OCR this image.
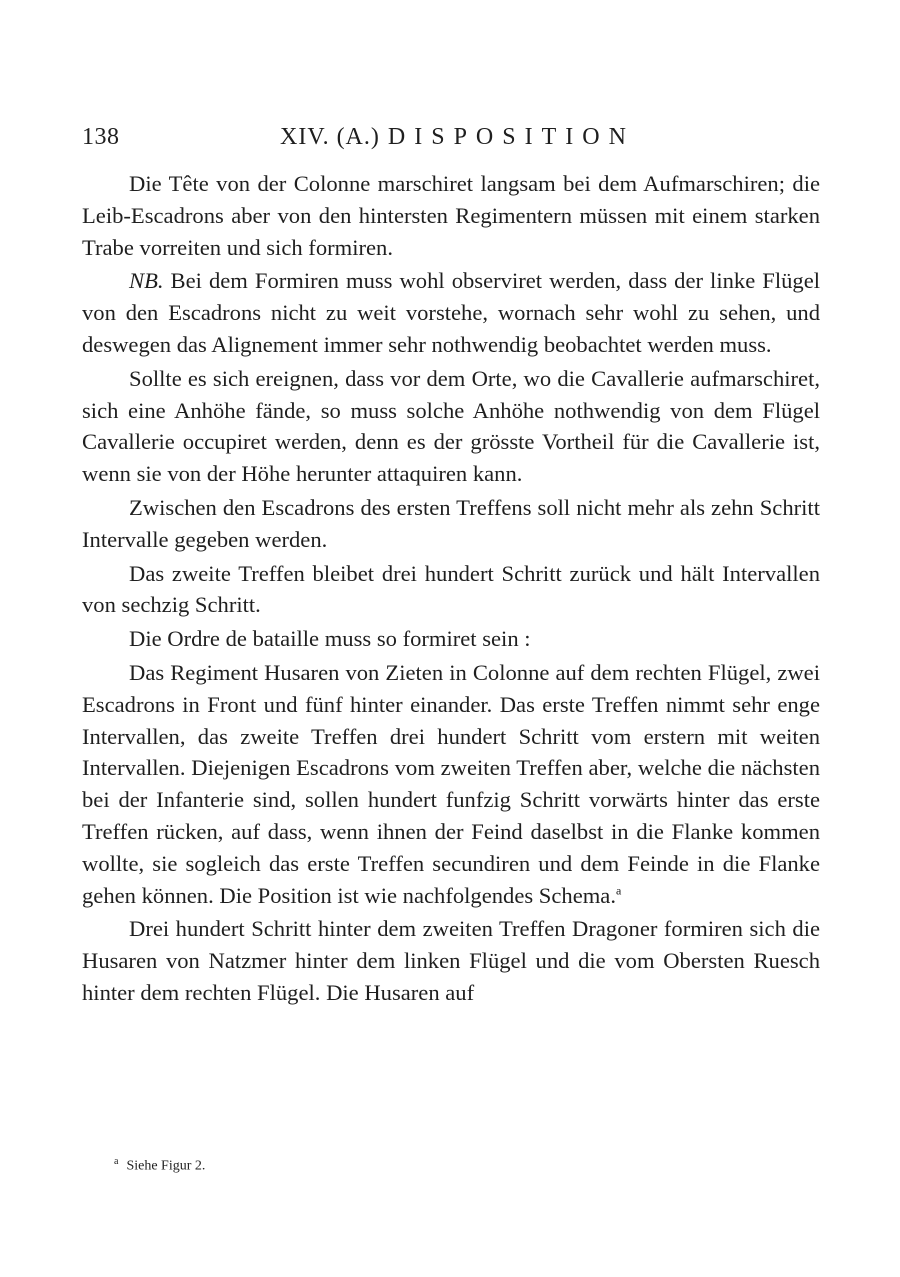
138	XIV. (A.) DISPOSITION

Die Tête von der Colonne marschiret langsam bei dem Aufmarschiren; die Leib-Escadrons aber von den hintersten Regimentern müssen mit einem starken Trabe vorreiten und sich formiren.

NB. Bei dem Formiren muss wohl observiret werden, dass der linke Flügel von den Escadrons nicht zu weit vorstehe, wornach sehr wohl zu sehen, und deswegen das Alignement immer sehr nothwendig beobachtet werden muss.

Sollte es sich ereignen, dass vor dem Orte, wo die Cavallerie aufmarschiret, sich eine Anhöhe fände, so muss solche Anhöhe nothwendig von dem Flügel Cavallerie occupiret werden, denn es der grösste Vortheil für die Cavallerie ist, wenn sie von der Höhe herunter attaquiren kann.

Zwischen den Escadrons des ersten Treffens soll nicht mehr als zehn Schritt Intervalle gegeben werden.

Das zweite Treffen bleibet drei hundert Schritt zurück und hält Intervallen von sechzig Schritt.

Die Ordre de bataille muss so formiret sein :

Das Regiment Husaren von Zieten in Colonne auf dem rechten Flügel, zwei Escadrons in Front und fünf hinter einander. Das erste Treffen nimmt sehr enge Intervallen, das zweite Treffen drei hundert Schritt vom erstern mit weiten Intervallen. Diejenigen Escadrons vom zweiten Treffen aber, welche die nächsten bei der Infanterie sind, sollen hundert funfzig Schritt vorwärts hinter das erste Treffen rücken, auf dass, wenn ihnen der Feind daselbst in die Flanke kommen wollte, sie sogleich das erste Treffen secundiren und dem Feinde in die Flanke gehen können. Die Position ist wie nachfolgendes Schema.$^a$

Drei hundert Schritt hinter dem zweiten Treffen Dragoner formiren sich die Husaren von Natzmer hinter dem linken Flügel und die vom Obersten Ruesch hinter dem rechten Flügel. Die Husaren auf

$^a$ Siehe Figur 2.
